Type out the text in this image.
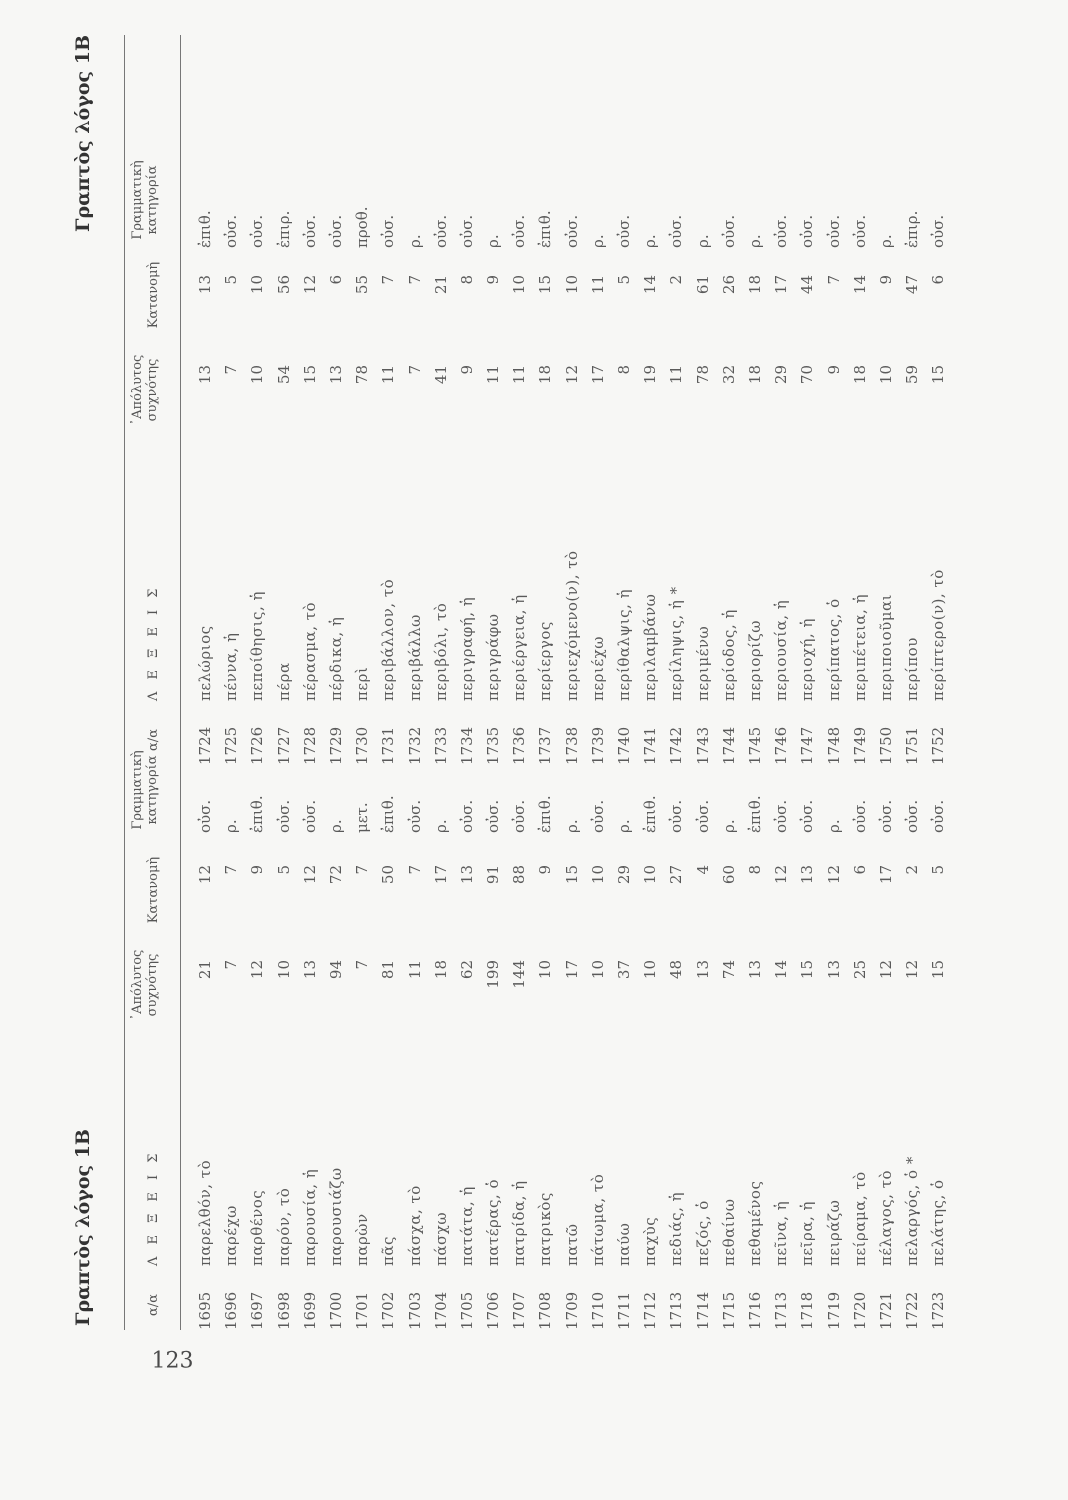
123
Γραπτὸς λόγος 1Β	α/α
Λ Ε Ξ Ε Ι Σ
᾿Απόλυτος συχνότης
Κατανομὴ
Γραμματικὴ κατηγορία
1695
παρελθόν, τὸ
21
12
οὐσ.
1696
παρέχω
7
7
ρ.
1697
παρθένος
12
9
ἐπιθ.
1698
παρόν, τὸ
10
5
οὐσ.
1699
παρουσία, ἡ
13
12
οὐσ.
1700
παρουσιάζω
94
72
ρ.
1701
παρὼν
7
7
μετ.
1702
πᾶς
81
50
ἐπιθ.
1703
πάσχα, τὸ
11
7
οὐσ.
1704
πάσχω
18
17
ρ.
1705
πατάτα, ἡ
62
13
οὐσ.
1706
πατέρας, ὁ
199
91
οὐσ.
1707
πατρίδα, ἡ
144
88
οὐσ.
1708
πατρικὸς
10
9
ἐπιθ.
1709
πατῶ
17
15
ρ.
1710
πάτωμα, τὸ
10
10
οὐσ.
1711
παύω
37
29
ρ.
1712
παχὺς
10
10
ἐπιθ.
1713
πεδιάς, ἡ
48
27
οὐσ.
1714
πεζός, ὁ
13
4
οὐσ.
1715
πεθαίνω
74
60
ρ.
1716
πεθαμένος
13
8
ἐπιθ.
1713
πεῖνα, ἡ
14
12
οὐσ.
1718
πεῖρα, ἡ
15
13
οὐσ.
1719
πειράζω
13
12
ρ.
1720
πείραμα, τὸ
25
6
οὐσ.
1721
πέλαγος, τὸ
12
17
οὐσ.
1722
πελαργός, ὁ *
12
2
οὐσ.
1723
πελάτης, ὁ
15
5
οὐσ.
Γραπτὸς λόγος 1Β
α/α
Λ Ε Ξ Ε Ι Σ
᾿Απόλυτος συχνότης
Κατανομὴ
Γραμματικὴ κατηγορία
1724
πελώριος
13
13
ἐπιθ.
1725
πέννα, ἡ
7
5
οὐσ.
1726
πεποίθησις, ἡ
10
10
οὐσ.
1727
πέρα
54
56
ἐπιρ.
1728
πέρασμα, τὸ
15
12
οὐσ.
1729
πέρδικα, ἡ
13
6
οὐσ.
1730
περὶ
78
55
προθ.
1731
περιβάλλον, τὸ
11
7
οὐσ.
1732
περιβάλλω
7
7
ρ.
1733
περιβόλι, τὸ
41
21
οὐσ.
1734
περιγραφή, ἡ
9
8
οὐσ.
1735
περιγράφω
11
9
ρ.
1736
περιέργεια, ἡ
11
10
οὐσ.
1737
περίεργος
18
15
ἐπιθ.
1738
περιεχόμενο(ν), τὸ
12
10
οὐσ.
1739
περιέχω
17
11
ρ.
1740
περίθαλψις, ἡ
8
5
οὐσ.
1741
περιλαμβάνω
19
14
ρ.
1742
περίληψις, ἡ *
11
2
οὐσ.
1743
περιμένω
78
61
ρ.
1744
περίοδος, ἡ
32
26
οὐσ.
1745
περιορίζω
18
18
ρ.
1746
περιουσία, ἡ
29
17
οὐσ.
1747
περιοχή, ἡ
70
44
οὐσ.
1748
περίπατος, ὁ
9
7
οὐσ.
1749
περιπέτεια, ἡ
18
14
οὐσ.
1750
περιποιοῦμαι
10
9
ρ.
1751
περίπου
59
47
ἐπιρ.
1752
περίπτερο(ν), τὸ
15
6
οὐσ.
